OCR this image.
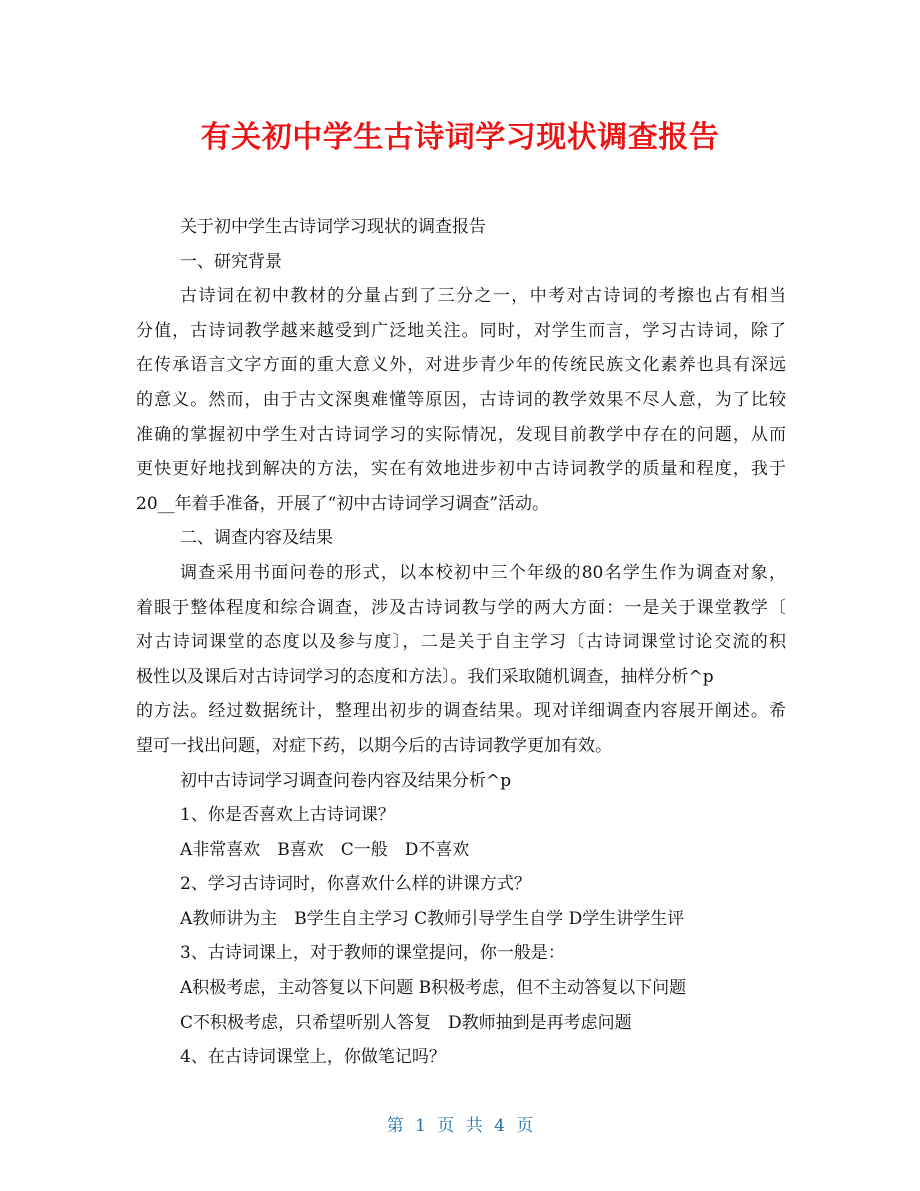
有关初中学生古诗词学习现状调查报告
关于初中学生古诗词学习现状的调查报告
一、研究背景
古诗词在初中教材的分量占到了三分之一，中考对古诗词的考擦也占有相当
分值，古诗词教学越来越受到广泛地关注。同时，对学生而言，学习古诗词，除了
在传承语言文字方面的重大意义外，对进步青少年的传统民族文化素养也具有深远
的意义。然而，由于古文深奥难懂等原因，古诗词的教学效果不尽人意，为了比较
准确的掌握初中学生对古诗词学习的实际情况，发现目前教学中存在的问题，从而
更快更好地找到解决的方法，实在有效地进步初中古诗词教学的质量和程度，我于
20__年着手准备，开展了“初中古诗词学习调查”活动。
二、调查内容及结果
调查采用书面问卷的形式，以本校初中三个年级的80名学生作为调查对象，
着眼于整体程度和综合调查，涉及古诗词教与学的两大方面：一是关于课堂教学〔
对古诗词课堂的态度以及参与度〕，二是关于自主学习〔古诗词课堂讨论交流的积
极性以及课后对古诗词学习的态度和方法〕。我们采取随机调查，抽样分析^p
的方法。经过数据统计，整理出初步的调查结果。现对详细调查内容展开阐述。希
望可一找出问题，对症下药，以期今后的古诗词教学更加有效。
初中古诗词学习调查问卷内容及结果分析^p
1、你是否喜欢上古诗词课？
A非常喜欢　B喜欢　C一般　D不喜欢
2、学习古诗词时，你喜欢什么样的讲课方式？
A教师讲为主　B学生自主学习 C教师引导学生自学 D学生讲学生评
3、古诗词课上，对于教师的课堂提问，你一般是：
A积极考虑，主动答复以下问题 B积极考虑，但不主动答复以下问题
C不积极考虑，只希望听别人答复　D教师抽到是再考虑问题
4、在古诗词课堂上，你做笔记吗？
第 1 页 共 4 页
